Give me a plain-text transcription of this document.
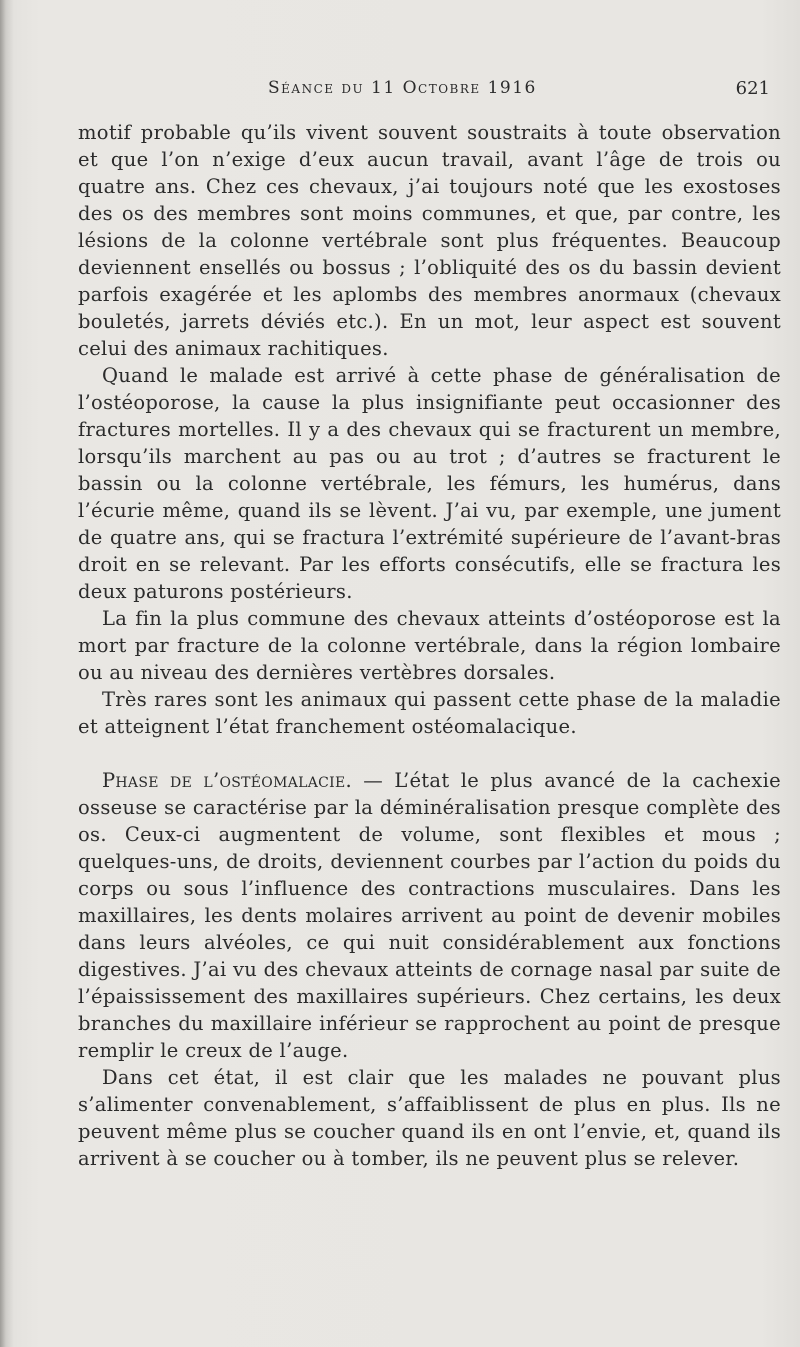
Séance du 11 Octobre 1916	621

motif probable qu’ils vivent souvent soustraits à toute observation et que l’on n’exige d’eux aucun travail, avant l’âge de trois ou quatre ans. Chez ces chevaux, j’ai toujours noté que les exostoses des os des membres sont moins communes, et que, par contre, les lésions de la colonne vertébrale sont plus fréquentes. Beaucoup deviennent ensellés ou bossus ; l’obliquité des os du bassin devient parfois exagérée et les aplombs des membres anormaux (chevaux bouletés, jarrets déviés etc.). En un mot, leur aspect est souvent celui des animaux rachitiques.

Quand le malade est arrivé à cette phase de généralisation de l’ostéoporose, la cause la plus insignifiante peut occasionner des fractures mortelles. Il y a des chevaux qui se fracturent un membre, lorsqu’ils marchent au pas ou au trot ; d’autres se fracturent le bassin ou la colonne vertébrale, les fémurs, les humérus, dans l’écurie même, quand ils se lèvent. J’ai vu, par exemple, une jument de quatre ans, qui se fractura l’extrémité supérieure de l’avant-bras droit en se relevant. Par les efforts consécutifs, elle se fractura les deux paturons postérieurs.

La fin la plus commune des chevaux atteints d’ostéoporose est la mort par fracture de la colonne vertébrale, dans la région lombaire ou au niveau des dernières vertèbres dorsales.

Très rares sont les animaux qui passent cette phase de la maladie et atteignent l’état franchement ostéomalacique.

Phase de l’ostéomalacie. — L’état le plus avancé de la cachexie osseuse se caractérise par la déminéralisation presque complète des os. Ceux-ci augmentent de volume, sont flexibles et mous ; quelques-uns, de droits, deviennent courbes par l’action du poids du corps ou sous l’influence des contractions musculaires. Dans les maxillaires, les dents molaires arrivent au point de devenir mobiles dans leurs alvéoles, ce qui nuit considérablement aux fonctions digestives. J’ai vu des chevaux atteints de cornage nasal par suite de l’épaississement des maxillaires supérieurs. Chez certains, les deux branches du maxillaire inférieur se rapprochent au point de presque remplir le creux de l’auge.

Dans cet état, il est clair que les malades ne pouvant plus s’alimenter convenablement, s’affaiblissent de plus en plus. Ils ne peuvent même plus se coucher quand ils en ont l’envie, et, quand ils arrivent à se coucher ou à tomber, ils ne peuvent plus se relever.
